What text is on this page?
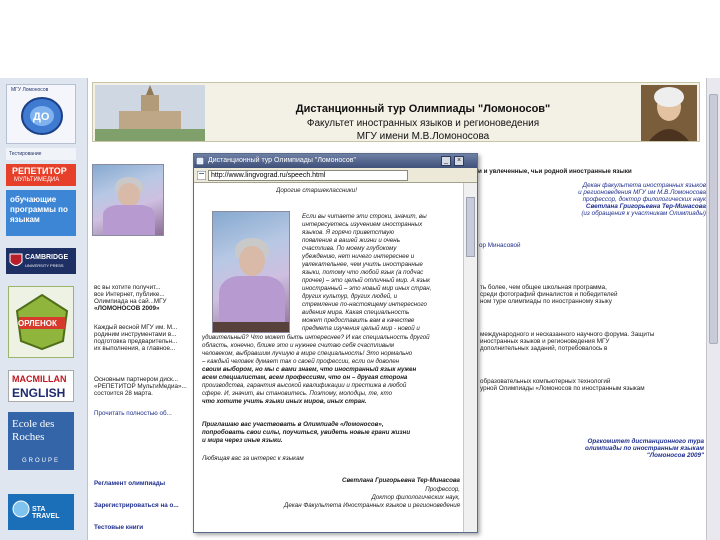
МГУ Ломоносов
ДО
Тестирование
РЕПЕТИТОР
МУЛЬТИМЕДИА
обучающие программы по языкам
CAMBRIDGE
UNIVERSITY PRESS
ОРЛЕНОК
MACMILLAN
ENGLISH
Ecole des Roches
GROUPE
STA TRAVEL
Дистанционный тур Олимпиады "Ломоносов"
Факультет иностранных языков и регионоведения
МГУ имени М.В.Ломоносова
и и увлеченные, чьи родной иностранные языки
Декан факультета иностранных языков
и регионоведения МГУ им М.В.Ломоносова
профессор, доктор филологических наук
Светлана Григорьевна Тер-Минасова
(из обращения к участникам Олимпиады)
ор Минасовой
вс вы хотите получит...
все Интернет, публике...
Олимпиада на сай...МГУ
«ЛОМОНОСОВ 2009»
Каждый весной МГУ им. М...
родиним инструментами в...
подготовка предварительн...
их выполнения, а главное...
Основным партнером диск...
«РЕПЕТИТОР МультиМедиа»...
состоится 28 марта.
Прочитать полностью об...
ть более, чем общее школьная программа,
среди фотографий финалистов и победителей
ном туре олимпиады по иностранному языку
международного и несказанного научного форума. Защиты
иностранных языков и регионоведения МГУ
дополнительных заданий, потребовалось в
образовательных компьютерных технологий
урной Олимпиады «Ломоносов по иностранным языкам
Оргкомитет дистанционного тура
олимпиады по иностранным языкам
"Ломоносов 2009"
Регламент олимпиады
Зарегистрироваться на о...
Тестовые книги
Дистанционный тур Олимпиады "Ломоносов"	_	×
http://www.lingvograd.ru/speech.html
Дорогие старшеклассники!
Если вы читаете эти строки, значит, вы
интересуетесь изучением иностранных
языков. Я горячо приветствую
появление в вашей жизни и очень
счастлива. По моему глубокому
убеждению, нет ничего интереснее и
увлекательнее, чем учить иностранные
языки, потому что любой язык (а подчас
прочее) – это целый отличный мир. А язык
иностранный – это новый мир иных стран,
других культур, других людей, и
стремление по-настоящему интересного
видения мира. Какая специальность
может предоставить вам в качестве
предмета изучения целый мир - новой и
удивительный? Что может быть интереснее? И как специальность другой
область, конечно, ближе это и нужнее считаю себя счастливым
человеком, выбравшим лучшую в мире специальность! Это нормально
– каждый человек думает так о своей профессии, если он доволен
своим выбором, но мы с вами знаем, что иностранный язык нужен
всем специалистам, всем профессиям, что он – другая сторона
производства, гарантия высокой квалификации и престижа в любой
сфере. И, значит, вы становитесь. Поэтому, молодцы, те, кто
что хотите учить языки иных миров, иных стран.
Приглашаю вас участвовать в Олимпиаде «Ломоносов»,
попробовать свои силы, поучиться, увидеть новые грани жизни
и мира через иные языки.
Любящая вас за интерес к языкам
Светлана Григорьевна Тер-Минасова
Профессор,
Доктор филологических наук,
Декан Факультета Иностранных языков и регионоведения
